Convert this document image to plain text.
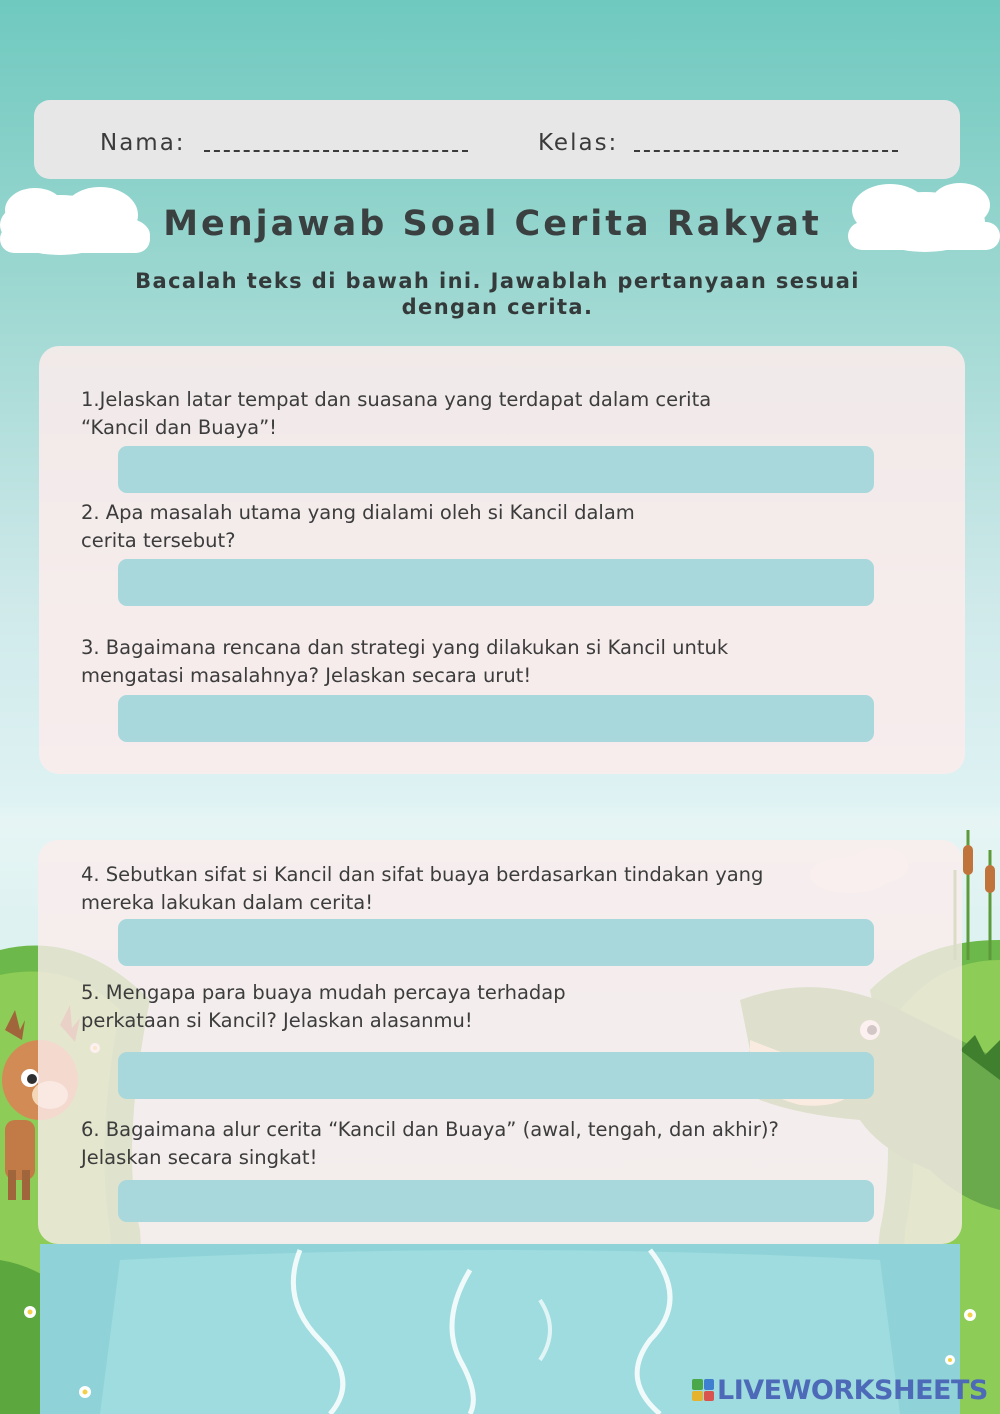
Nama:	Kelas:
Menjawab Soal Cerita Rakyat
Bacalah teks di bawah ini. Jawablah pertanyaan sesuai dengan cerita.
1.Jelaskan latar tempat dan suasana yang terdapat dalam cerita “Kancil dan Buaya”!
2. Apa masalah utama yang dialami oleh si Kancil dalam cerita tersebut?
3. Bagaimana rencana dan strategi yang dilakukan si Kancil untuk mengatasi masalahnya? Jelaskan secara urut!
4. Sebutkan sifat si Kancil dan sifat buaya berdasarkan tindakan yang mereka lakukan dalam cerita!
5. Mengapa para buaya mudah percaya terhadap perkataan si Kancil? Jelaskan alasanmu!
6. Bagaimana alur cerita “Kancil dan Buaya” (awal, tengah, dan akhir)? Jelaskan secara singkat!
LIVEWORKSHEETS
